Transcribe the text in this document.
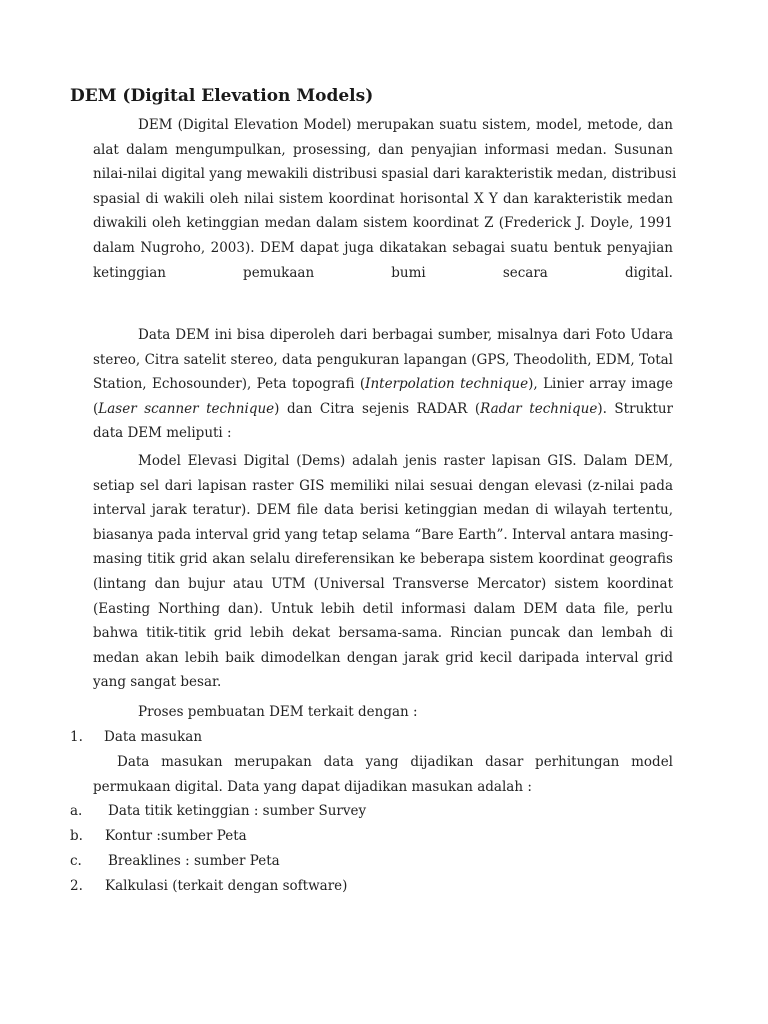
DEM (Digital Elevation Models)
DEM (Digital Elevation Model) merupakan suatu sistem, model, metode, dan
alat dalam mengumpulkan, prosessing, dan penyajian informasi medan. Susunan
nilai-nilai digital yang mewakili distribusi spasial dari karakteristik medan, distribusi
spasial di wakili oleh nilai sistem koordinat horisontal X Y dan karakteristik medan
diwakili oleh ketinggian medan dalam sistem koordinat Z (Frederick J. Doyle, 1991
dalam Nugroho, 2003). DEM dapat juga dikatakan sebagai suatu bentuk penyajian
ketinggian	pemukaan	bumi	secara	digital.
Data DEM ini bisa diperoleh dari berbagai sumber, misalnya dari Foto Udara
stereo, Citra satelit stereo, data pengukuran lapangan (GPS, Theodolith, EDM, Total
Station, Echosounder), Peta topografi (Interpolation technique), Linier array image
(Laser scanner technique) dan Citra sejenis RADAR (Radar technique). Struktur
data DEM meliputi :
Model Elevasi Digital (Dems) adalah jenis raster lapisan GIS. Dalam DEM,
setiap sel dari lapisan raster GIS memiliki nilai sesuai dengan elevasi (z-nilai pada
interval jarak teratur). DEM file data berisi ketinggian medan di wilayah tertentu,
biasanya pada interval grid yang tetap selama “Bare Earth”. Interval antara masing-
masing titik grid akan selalu direferensikan ke beberapa sistem koordinat geografis
(lintang dan bujur atau UTM (Universal Transverse Mercator) sistem koordinat
(Easting Northing dan). Untuk lebih detil informasi dalam DEM data file, perlu
bahwa titik-titik grid lebih dekat bersama-sama. Rincian puncak dan lembah di
medan akan lebih baik dimodelkan dengan jarak grid kecil daripada interval grid
yang sangat besar.
Proses pembuatan DEM terkait dengan :
1. Data masukan
Data masukan merupakan data yang dijadikan dasar perhitungan model
permukaan digital. Data yang dapat dijadikan masukan adalah :
a. Data titik ketinggian : sumber Survey
b. Kontur :sumber Peta
c. Breaklines : sumber Peta
2. Kalkulasi (terkait dengan software)
